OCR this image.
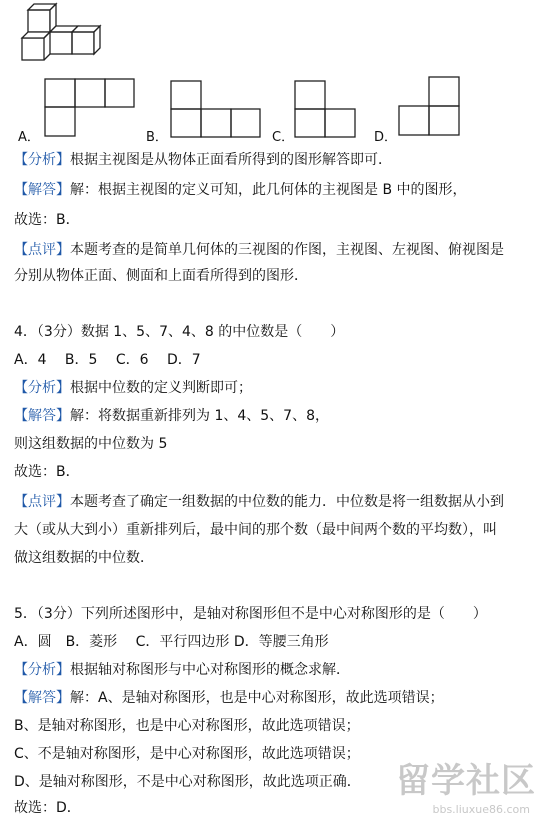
A．	B．	C．	D．
【分析】根据主视图是从物体正面看所得到的图形解答即可．
【解答】解：根据主视图的定义可知，此几何体的主视图是 B 中的图形，
故选：B．
【点评】本题考查的是简单几何体的三视图的作图，主视图、左视图、俯视图是
分别从物体正面、侧面和上面看所得到的图形．
4．（3分）数据 1、5、7、4、8 的中位数是（　　）
A．4　 B．5　 C．6　 D．7
【分析】根据中位数的定义判断即可；
【解答】解：将数据重新排列为 1、4、5、7、8，
则这组数据的中位数为 5
故选：B．
【点评】本题考查了确定一组数据的中位数的能力．中位数是将一组数据从小到
大（或从大到小）重新排列后，最中间的那个数（最中间两个数的平均数），叫
做这组数据的中位数．
5．（3分）下列所述图形中，是轴对称图形但不是中心对称图形的是（　　）
A．圆　B．菱形　 C．平行四边形 D．等腰三角形
【分析】根据轴对称图形与中心对称图形的概念求解．
【解答】解：A、是轴对称图形，也是中心对称图形，故此选项错误；
B、是轴对称图形，也是中心对称图形，故此选项错误；
C、不是轴对称图形，是中心对称图形，故此选项错误；
D、是轴对称图形，不是中心对称图形，故此选项正确．
故选：D．
留学社区
bbs.liuxue86.com
